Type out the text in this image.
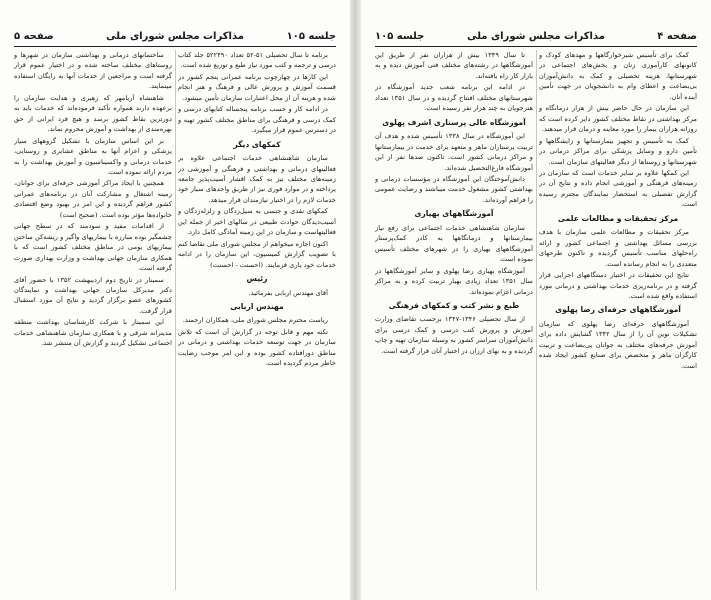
جلسه ۱۰۵
مذاکرات مجلس شورای ملی
صفحه ۵

برنامه تا سال تحصیلی ۵۱-۵۲ تعداد ۵۲۲۴۹۰ جلد کتاب درسی و ترجمه و کتب مورد نیاز طبع و توزیع شده است.

این کارها در چهارچوب برنامه عمرانی پنجم کشور در قسمت آموزش و پرورش عالی و فرهنگ و هنر انجام شده و هزینه آن از محل اعتبارات سازمان تأمین میشود.

در ادامه کار و حسب برنامه پنجساله کتابهای درسی و کمک درسی و فرهنگی برای مناطق مختلف کشور تهیه و در دسترس عموم قرار میگیرد.

کمکهای دیگر

سازمان شاهنشاهی خدمات اجتماعی علاوه بر فعالیتهای درمانی و بهداشتی و فرهنگی و آموزشی در زمینه‌های مختلف نیز به کمک اقشار آسیب‌پذیر جامعه پرداخته و در موارد فوری نیز از طریق واحدهای سیار خود خدمات لازم را در اختیار نیازمندان قرار میدهد.

کمکهای نقدی و جنسی به سیل‌زدگان و زلزله‌زدگان و آسیب‌دیدگان حوادث طبیعی در سالهای اخیر از جمله این فعالیتهاست و سازمان در این زمینه آمادگی کامل دارد.

اکنون اجازه میخواهم از مجلس شورای ملی تقاضا کنم با تصویب گزارش کمیسیون، این سازمان را در ادامه خدمات خود یاری فرمایند. (احسنت - احسنت)

رئیس

آقای مهندس اربابی بفرمائید.

مهندس اربابی

ریاست محترم مجلس شورای ملی، همکاران ارجمند.

نکته مهم و قابل توجه در گزارش آن است که تلاش سازمان در جهت توسعه خدمات بهداشتی و درمانی در مناطق دورافتاده کشور بوده و این امر موجب رضایت خاطر مردم گردیده است.

ساختمانهای درمانی و بهداشتی سازمان در شهرها و روستاهای مختلف ساخته شده و در اختیار عموم قرار گرفته است و مراجعین از خدمات آنها به رایگان استفاده مینمایند.

شاهنشاه آریامهر که رهبری و هدایت سازمان را برعهده دارند همواره تأکید فرموده‌اند که خدمات باید به دورترین نقاط کشور برسد و هیچ فرد ایرانی از حق بهره‌مندی از بهداشت و آموزش محروم نماند.

بر این اساس سازمان با تشکیل گروههای سیار پزشکی و اعزام آنها به مناطق عشایری و روستایی، خدمات درمانی و واکسیناسیون و آموزش بهداشت را به مردم ارائه نموده است.

همچنین با ایجاد مراکز آموزشی حرفه‌ای برای جوانان، زمینه اشتغال و مشارکت آنان در برنامه‌های عمرانی کشور فراهم گردیده و این امر در بهبود وضع اقتصادی خانواده‌ها مؤثر بوده است. (صحیح است)

از اقدامات مفید و سودمند که در سطح جهانی چشمگیر بوده مبارزه با بیماریهای واگیر و ریشه‌کن ساختن بیماریهای بومی در مناطق مختلف کشور است که با همکاری سازمان جهانی بهداشت و وزارت بهداری صورت گرفته است.

سمینار در تاریخ دوم اردیبهشت ۱۳۵۲ با حضور آقای دکتر مدیرکل سازمان جهانی بهداشت و نمایندگان کشورهای عضو برگزار گردید و نتایج آن مورد استقبال قرار گرفت.

این سمینار با شرکت کارشناسان بهداشت منطقه مدیترانه شرقی و با همکاری سازمان شاهنشاهی خدمات اجتماعی تشکیل گردید و گزارش آن منتشر شد.

صفحه ۴
مذاکرات مجلس شورای ملی
جلسه ۱۰۵

کمک برای تأسیس شیرخوارگاهها و مهدهای کودک و کانونهای کارآموزی زنان و بخش‌های اجتماعی در شهرستانها، هزینه تحصیلی و کمک به دانش‌آموزان بی‌بضاعت و اعطای وام به دانشجویان در جهت تأمین آینده آنان.

این سازمان در حال حاضر بیش از هزار درمانگاه و مرکز بهداشتی در نقاط مختلف کشور دایر کرده است که روزانه هزاران بیمار را مورد معاینه و درمان قرار میدهند.

کمک به تأسیس و تجهیز بیمارستانها و زایشگاهها و تأمین دارو و وسایل پزشکی برای مراکز درمانی در شهرستانها و روستاها از دیگر فعالیتهای سازمان است.

این کمکها علاوه بر سایر خدمات است که سازمان در زمینه‌های فرهنگی و آموزشی انجام داده و نتایج آن در گزارش تفصیلی به استحضار نمایندگان محترم رسیده است.

مرکز تحقیقات و مطالعات علمی

مرکز تحقیقات و مطالعات علمی سازمان با هدف بررسی مسائل بهداشتی و اجتماعی کشور و ارائه راه‌حلهای مناسب تأسیس گردیده و تاکنون طرحهای متعددی را به انجام رسانده است.

نتایج این تحقیقات در اختیار دستگاههای اجرایی قرار گرفته و در برنامه‌ریزی خدمات بهداشتی و درمانی مورد استفاده واقع شده است.

آموزشگاههای حرفه‌ای رضا پهلوی

آموزشگاههای حرفه‌ای رضا پهلوی که سازمان تشکیلات نوین آن را از سال ۱۳۴۲ گشایش داده برای آموزش حرفه‌های مختلف به جوانان بی‌بضاعت و تربیت کارگران ماهر و متخصص برای صنایع کشور ایجاد شده است.

تا سال ۱۳۴۹ بیش از هزاران نفر از طریق این آموزشگاهها در رشته‌های مختلف فنی آموزش دیده و به بازار کار راه یافته‌اند.

در ادامه این برنامه شعب جدید آموزشگاه در شهرستانهای مختلف افتتاح گردیده و در سال ۱۳۵۱ تعداد هنرجویان به چند هزار نفر رسیده است.

آموزشگاه عالی پرستاری اشرف پهلوی

این آموزشگاه در سال ۱۳۳۸ تأسیس شده و هدف آن تربیت پرستاران ماهر و متعهد برای خدمت در بیمارستانها و مراکز درمانی کشور است. تاکنون صدها نفر از این آموزشگاه فارغ‌التحصیل شده‌اند.

دانش‌آموختگان این آموزشگاه در مؤسسات درمانی و بهداشتی کشور مشغول خدمت میباشند و رضایت عمومی را فراهم آورده‌اند.

آموزشگاههای بهیاری

سازمان شاهنشاهی خدمات اجتماعی برای رفع نیاز بیمارستانها و درمانگاهها به کادر کمک‌پرستار آموزشگاههای بهیاری را در شهرهای مختلف تأسیس نموده است.

آموزشگاه بهیاری رضا پهلوی و سایر آموزشگاهها در سال ۱۳۵۱ تعداد زیادی بهیار تربیت کرده و به مراکز درمانی اعزام نموده‌اند.

طبع و نشر کتب و کمکهای فرهنگی

از سال تحصیلی ۱۳۴۶-۱۳۴۷ برحسب تقاضای وزارت آموزش و پرورش کتب درسی و کمک درسی برای دانش‌آموزان سراسر کشور به وسیله سازمان تهیه و چاپ گردیده و به بهای ارزان در اختیار آنان قرار گرفته است.
